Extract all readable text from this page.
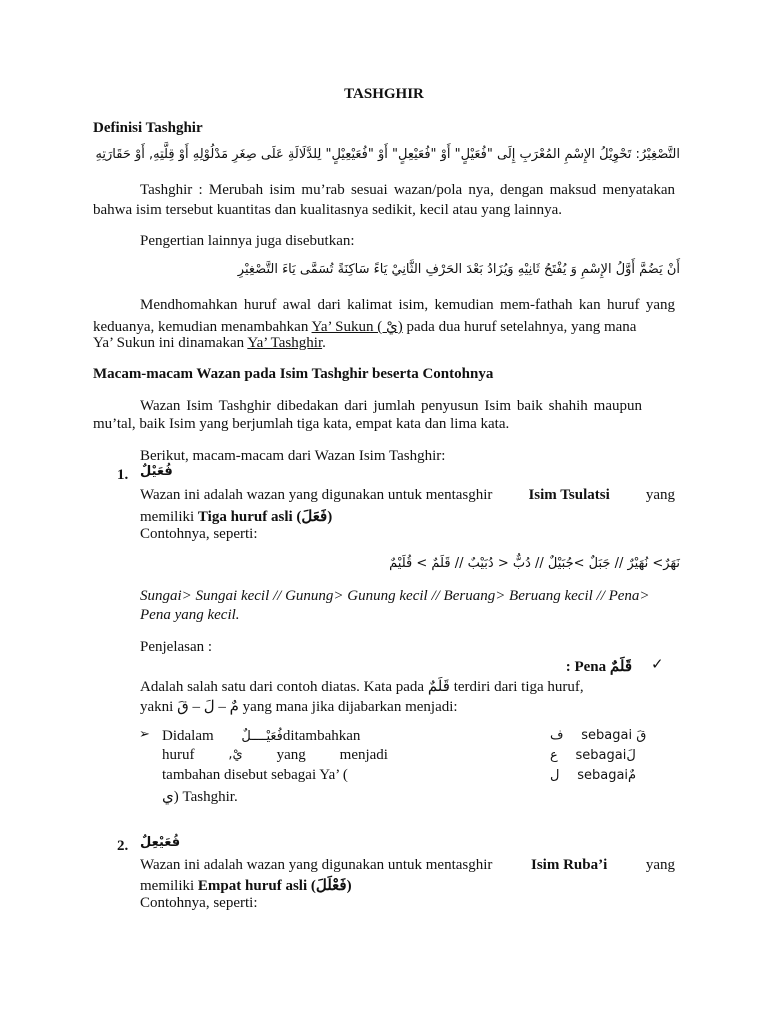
TASHGHIR
Definisi Tashghir
التَّصْغِيْرُ: تَحْوِيْلُ الإِسْمِ المُعْرَبِ إِلَى "فُعَيْلٍ" أَوْ "فُعَيْعِلٍ" أَوْ "فُعَيْعِيْلٍ" لِلدَّلَالَةِ عَلَى صِغَرِ مَدْلُوْلِهِ أَوْ قِلَّتِهِ, أَوْ حَقَارَتِهِ
Tashghir : Merubah isim mu’rab sesuai wazan/pola nya, dengan maksud menyatakan
bahwa isim tersebut kuantitas dan kualitasnya sedikit, kecil atau yang lainnya.
Pengertian lainnya juga disebutkan:
أَنْ يَضُمَّ أَوَّلُ الإِسْمِ وَ يُفْتَحُ ثَانِيْهِ وَيُزَادُ بَعْدَ الحَرْفِ الثَّانِيْ يَاءً سَاكِنَةً تُسَمَّى يَاءَ التَّصْغِيْرِ
Mendhomahkan huruf awal dari kalimat isim, kemudian mem-fathah kan huruf yang
keduanya, kemudian menambahkan Ya’ Sukun ( يْ) pada dua huruf setelahnya, yang mana
Ya’ Sukun ini dinamakan Ya’ Tashghir.
Macam-macam Wazan pada Isim Tashghir beserta Contohnya
Wazan Isim Tashghir dibedakan dari jumlah penyusun Isim baik shahih maupun
mu’tal, baik Isim yang berjumlah tiga kata, empat kata dan lima kata.
Berikut, macam-macam dari Wazan Isim Tashghir:
1. فُعَيْلٌ
Wazan ini adalah wazan yang digunakan untuk mentasghir Isim Tsulatsi yang
memiliki Tiga huruf asli (فَعَلَ)
Contohnya, seperti:
نَهَرٌ> نُهَيْرٌ // جَبَلٌ >جُبَيْلٌ // دُبٌّ < دُبَيْبٌ // قَلَمٌ > قُلَيْمٌ
Sungai> Sungai kecil // Gunung> Gunung kecil // Beruang> Beruang kecil // Pena>
Pena yang kecil.
Penjelasan :
: Pena قَلَمٌ ✓
Adalah salah satu dari contoh diatas. Kata pada قَلَمٌ terdiri dari tiga huruf,
yakni مٌ – لَ – قَ yang mana jika dijabarkan menjadi:
➢ Didalam فُعَيْــــلٌditambahkan
huruf	يْ, yang menjadi
tambahan disebut sebagai Ya’ (
ي) Tashghir.
ف sebagai قَ
ع sebagaiلَ
ل sebagaiمٌ
2. فُعَيْعِلٌ
Wazan ini adalah wazan yang digunakan untuk mentasghir	Isim Ruba’i	yang
memiliki Empat huruf asli (فَعْلَلَ)
Contohnya, seperti:
